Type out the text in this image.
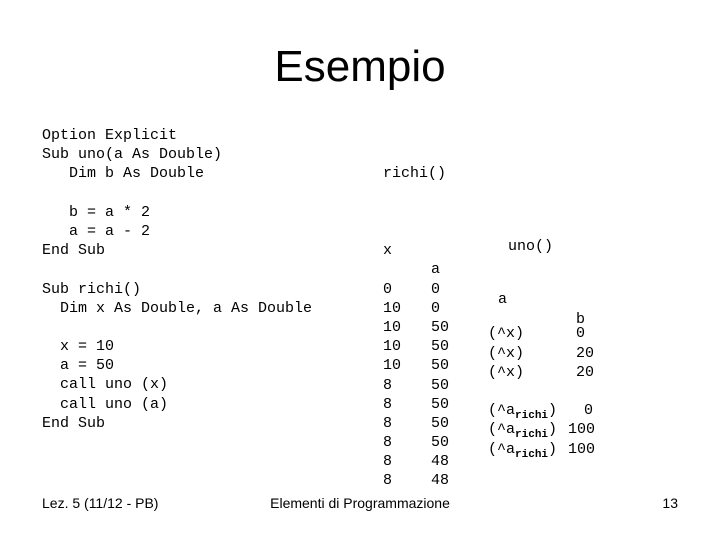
Esempio
Option Explicit
Sub uno(a As Double)
Dim b As Double
b = a * 2
a = a - 2
End Sub
Sub richi()
Dim x As Double, a As Double
x = 10
a = 50
call uno (x)
call uno (a)
End Sub

richi()

x

a

0	0
10 0
10 50
10 50
10 50
8	50
8	50
8	50
8	50
8	48
8	48

uno()

a

b

(^x)	0
(^x)	20
(^x)	20
$(\^{}a_{richi})$ 0
$(\^{}a_{richi})$ 100
$(\^{}a_{richi})$ 100

Lez. 5 (11/12 - PB)	Elementi di Programmazione	13
